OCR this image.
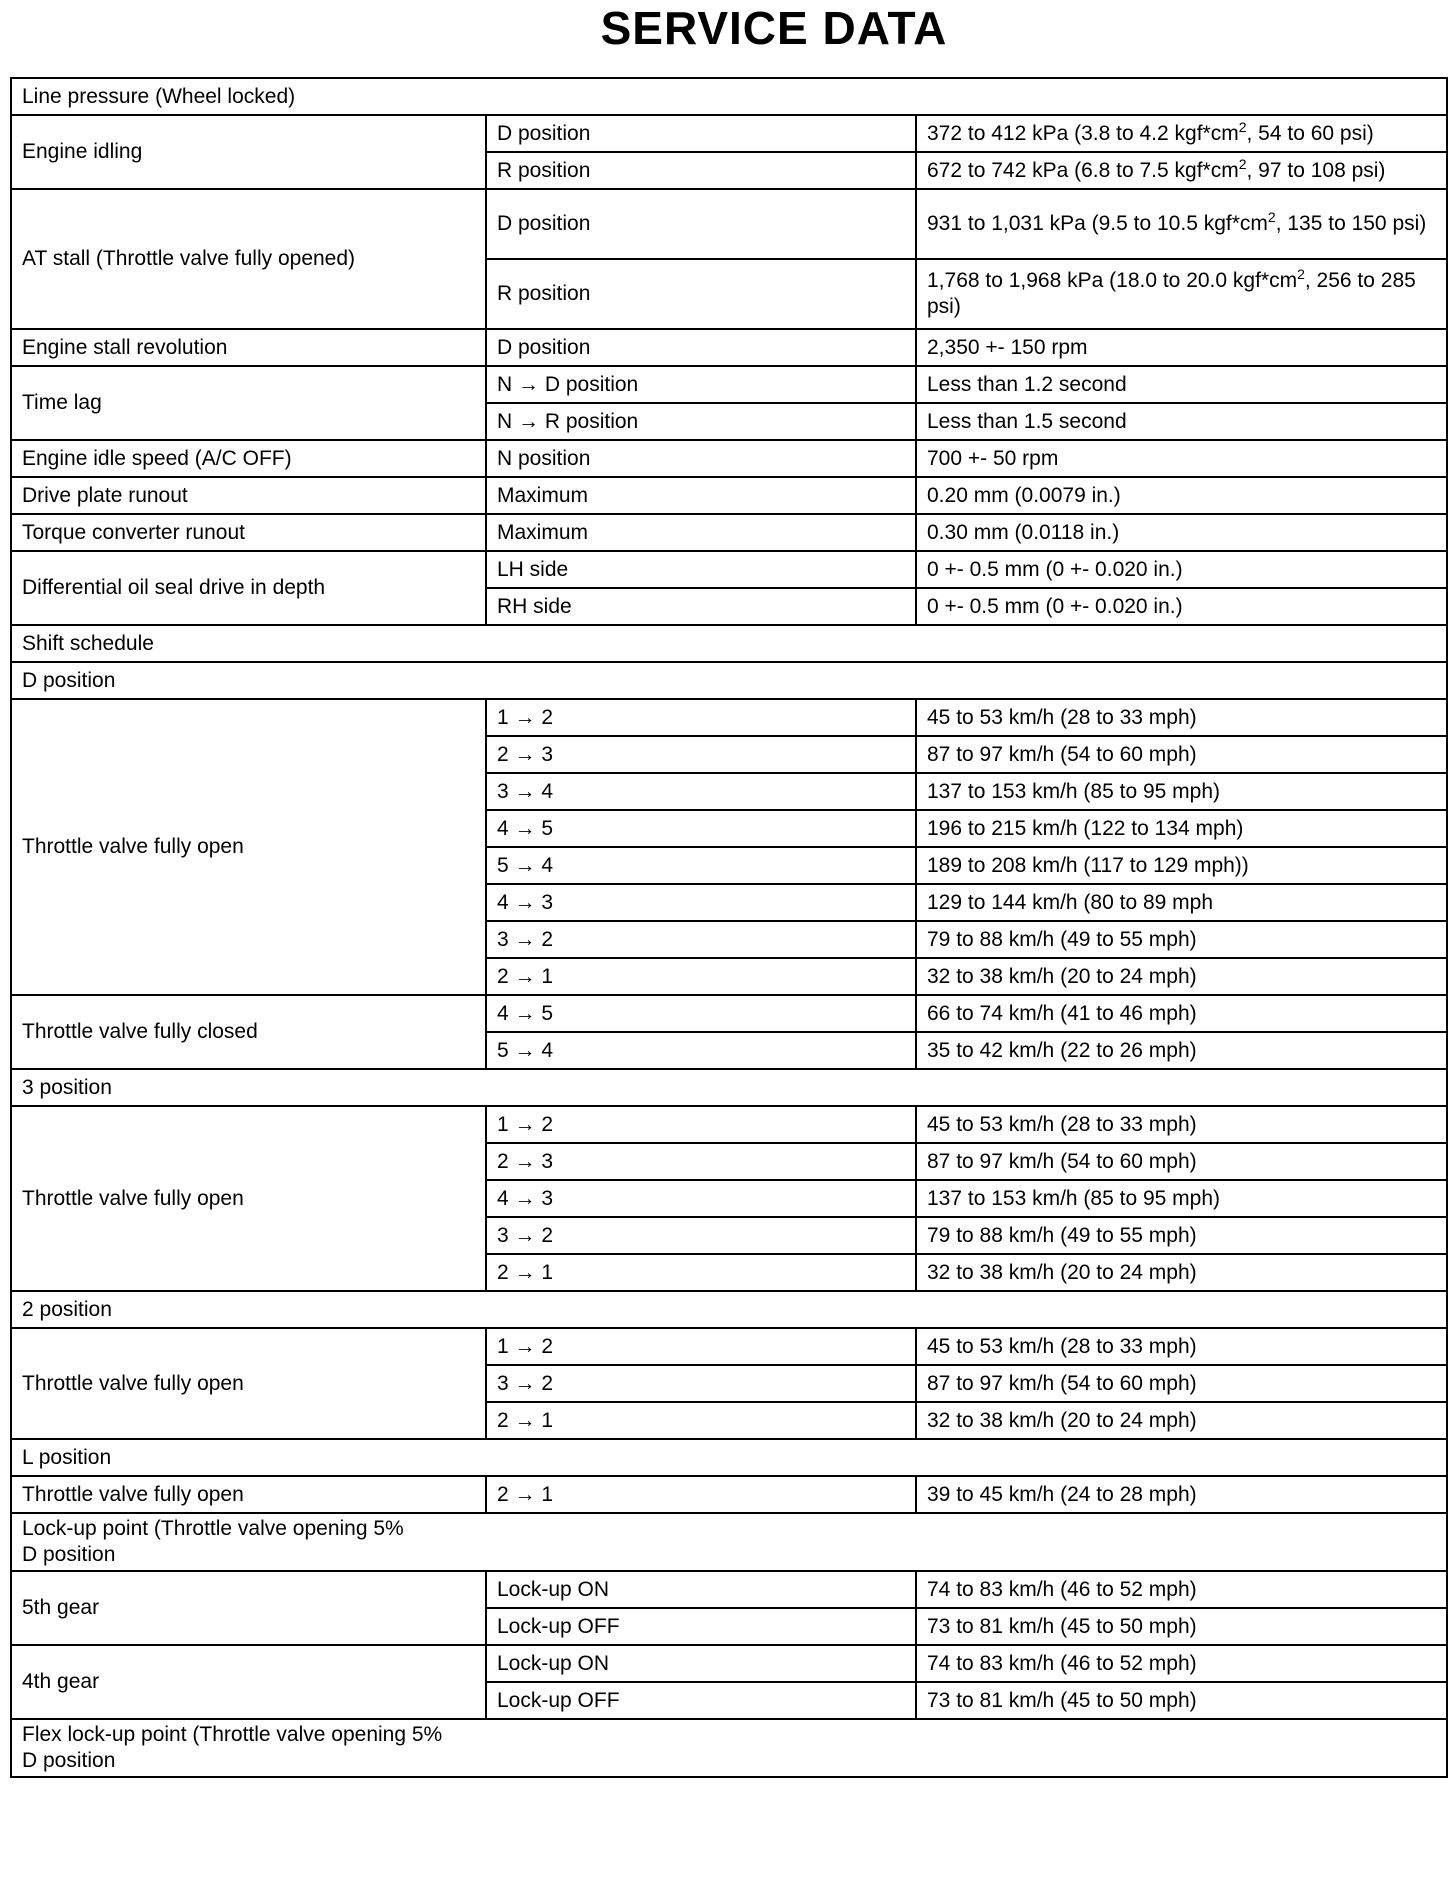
SERVICE DATA
Line pressure (Wheel locked)		
Engine idling	D position	372 to 412 kPa (3.8 to 4.2 $kgf*cm^2$, 54 to 60 psi)
	R position	672 to 742 kPa (6.8 to 7.5 $kgf*cm^2$, 97 to 108 psi)
AT stall (Throttle valve fully opened)	D position	931 to 1,031 kPa (9.5 to 10.5 $kgf*cm^2$, 135 to 150 psi)
	R position	1,768 to 1,968 kPa (18.0 to 20.0 $kgf*cm^2$, 256 to 285 psi)
Engine stall revolution	D position	2,350 +- 150 rpm
Time lag	N → D position	Less than 1.2 second
	N → R position	Less than 1.5 second
Engine idle speed (A/C OFF)	N position	700 +- 50 rpm
Drive plate runout	Maximum	0.20 mm (0.0079 in.)
Torque converter runout	Maximum	0.30 mm (0.0118 in.)
Differential oil seal drive in depth	LH side	0 +- 0.5 mm (0 +- 0.020 in.)
	RH side	0 +- 0.5 mm (0 +- 0.020 in.)
Shift schedule		
D position		
Throttle valve fully open	1 → 2	45 to 53 km/h (28 to 33 mph)
	2 → 3	87 to 97 km/h (54 to 60 mph)
	3 → 4	137 to 153 km/h (85 to 95 mph)
	4 → 5	196 to 215 km/h (122 to 134 mph)
	5 → 4	189 to 208 km/h (117 to 129 mph))
	4 → 3	129 to 144 km/h (80 to 89 mph
	3 → 2	79 to 88 km/h (49 to 55 mph)
	2 → 1	32 to 38 km/h (20 to 24 mph)
Throttle valve fully closed	4 → 5	66 to 74 km/h (41 to 46 mph)
	5 → 4	35 to 42 km/h (22 to 26 mph)
3 position		
Throttle valve fully open	1 → 2	45 to 53 km/h (28 to 33 mph)
	2 → 3	87 to 97 km/h (54 to 60 mph)
	4 → 3	137 to 153 km/h (85 to 95 mph)
	3 → 2	79 to 88 km/h (49 to 55 mph)
	2 → 1	32 to 38 km/h (20 to 24 mph)
2 position		
Throttle valve fully open	1 → 2	45 to 53 km/h (28 to 33 mph)
	3 → 2	87 to 97 km/h (54 to 60 mph)
	2 → 1	32 to 38 km/h (20 to 24 mph)
L position		
Throttle valve fully open	2 → 1	39 to 45 km/h (24 to 28 mph)
Lock-up point (Throttle valve opening 5%
D position		
5th gear	Lock-up ON	74 to 83 km/h (46 to 52 mph)
	Lock-up OFF	73 to 81 km/h (45 to 50 mph)
4th gear	Lock-up ON	74 to 83 km/h (46 to 52 mph)
	Lock-up OFF	73 to 81 km/h (45 to 50 mph)
Flex lock-up point (Throttle valve opening 5%
D position		
